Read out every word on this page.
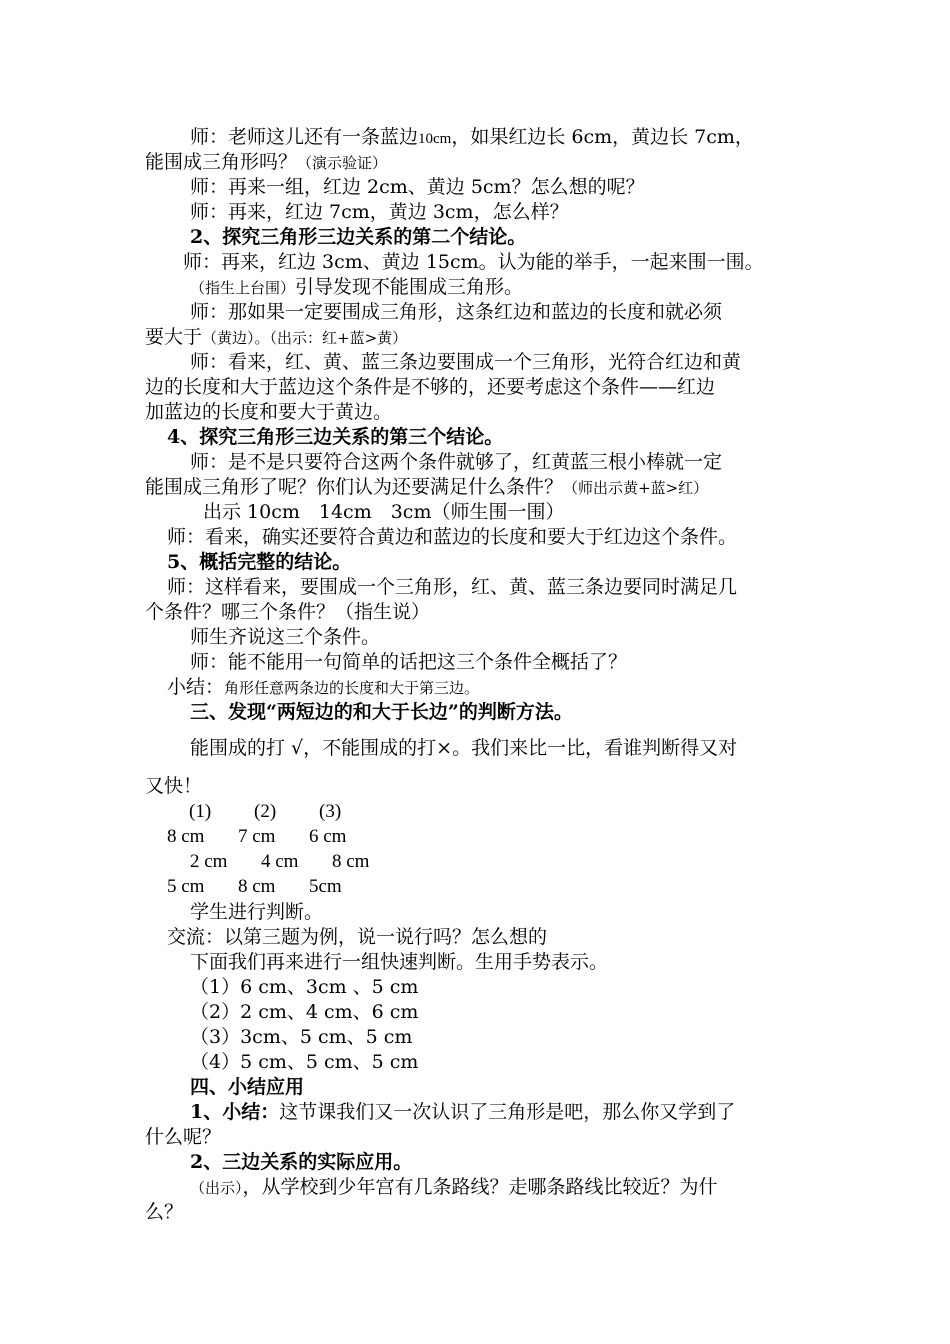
师：老师这儿还有一条蓝边10cm，如果红边长 6cm，黄边长 7cm，
能围成三角形吗？（演示验证）
师：再来一组，红边 2cm、黄边 5cm？怎么想的呢？
师：再来，红边 7cm，黄边 3cm，怎么样？
2、探究三角形三边关系的第二个结论。
师：再来，红边 3cm、黄边 15cm。认为能的举手，一起来围一围。
（指生上台围）引导发现不能围成三角形。
师：那如果一定要围成三角形，这条红边和蓝边的长度和就必须
要大于（黄边）。（出示：红+蓝>黄）
师：看来，红、黄、蓝三条边要围成一个三角形，光符合红边和黄
边的长度和大于蓝边这个条件是不够的，还要考虑这个条件——红边
加蓝边的长度和要大于黄边。
4、探究三角形三边关系的第三个结论。
师：是不是只要符合这两个条件就够了，红黄蓝三根小棒就一定
能围成三角形了呢？你们认为还要满足什么条件？（师出示黄+蓝>红）
出示 10cm　14cm　3cm（师生围一围）
师：看来，确实还要符合黄边和蓝边的长度和要大于红边这个条件。
5、概括完整的结论。
师：这样看来，要围成一个三角形，红、黄、蓝三条边要同时满足几
个条件？哪三个条件？（指生说）
师生齐说这三个条件。
师：能不能用一句简单的话把这三个条件全概括了？
小结：角形任意两条边的长度和大于第三边。
三、发现“两短边的和大于长边”的判断方法。
能围成的打 √，不能围成的打×。我们来比一比，看谁判断得又对
又快！
(1) (2) (3)
8 cm 7 cm 6 cm
2 cm 4 cm 8 cm
5 cm 8 cm 5cm
学生进行判断。
交流：以第三题为例，说一说行吗？怎么想的
下面我们再来进行一组快速判断。生用手势表示。
（1）6 cm、3cm 、5 cm
（2）2 cm、4 cm、6 cm
（3）3cm、5 cm、5 cm
（4）5 cm、5 cm、5 cm
四、小结应用
1、小结：这节课我们又一次认识了三角形是吧，那么你又学到了
什么呢？
2、三边关系的实际应用。
（出示），从学校到少年宫有几条路线？走哪条路线比较近？为什
么？
